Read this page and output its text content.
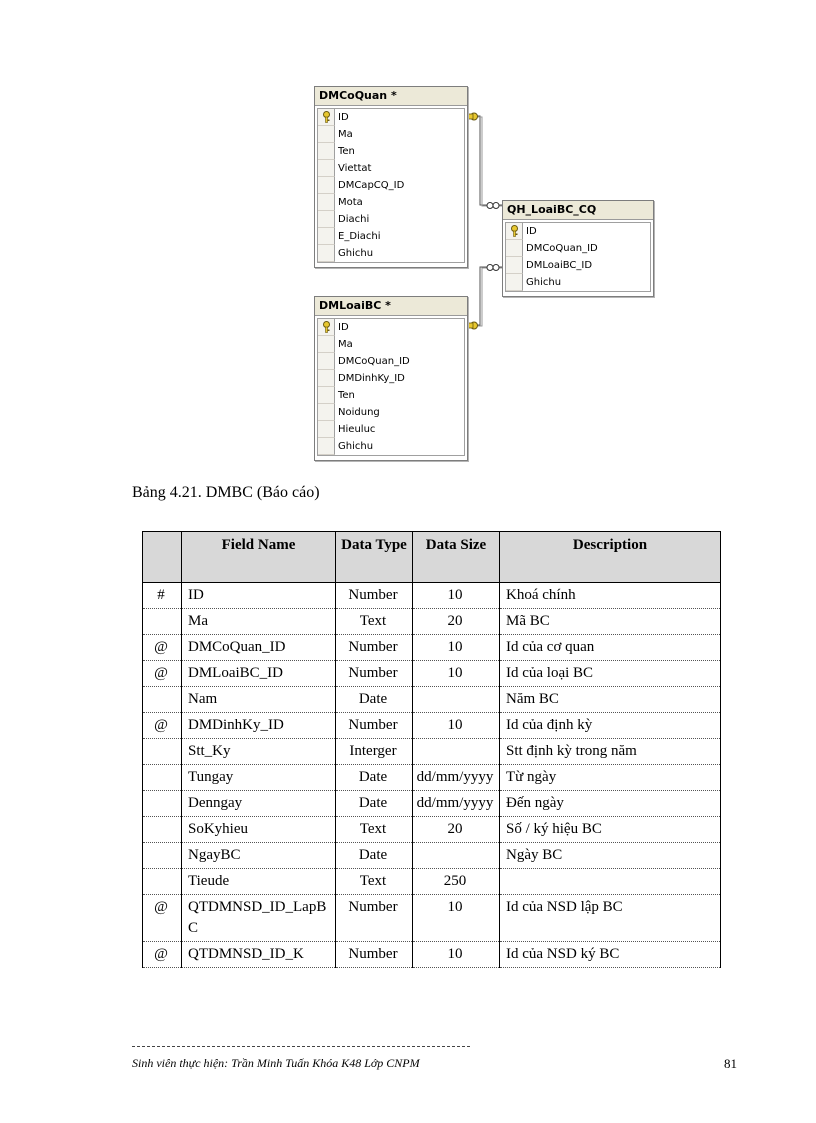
DMCoQuan *
ID
Ma
Ten
Viettat
DMCapCQ_ID
Mota
Diachi
E_Diachi
Ghichu
QH_LoaiBC_CQ
ID
DMCoQuan_ID
DMLoaiBC_ID
Ghichu
DMLoaiBC *
ID
Ma
DMCoQuan_ID
DMDinhKy_ID
Ten
Noidung
Hieuluc
Ghichu
Bảng 4.21. DMBC (Báo cáo)
	Field Name	Data Type	Data Size	Description
#	ID	Number	10	Khoá chính
	Ma	Text	20	Mã BC
@	DMCoQuan_ID	Number	10	Id của cơ quan
@	DMLoaiBC_ID	Number	10	Id của loại BC
	Nam	Date		Năm BC
@	DMDinhKy_ID	Number	10	Id của định kỳ
	Stt_Ky	Interger		Stt định kỳ trong năm
	Tungay	Date	dd/mm/yyyy	Từ ngày
	Denngay	Date	dd/mm/yyyy	Đến ngày
	SoKyhieu	Text	20	Số / ký hiệu BC
	NgayBC	Date		Ngày BC
	Tieude	Text	250	
@	QTDMNSD_ID_LapBC	Number	10	Id của NSD lập BC
@	QTDMNSD_ID_K	Number	10	Id của NSD ký BC
Sinh viên thực hiện: Trần Minh Tuấn Khóa K48 Lớp CNPM	81
